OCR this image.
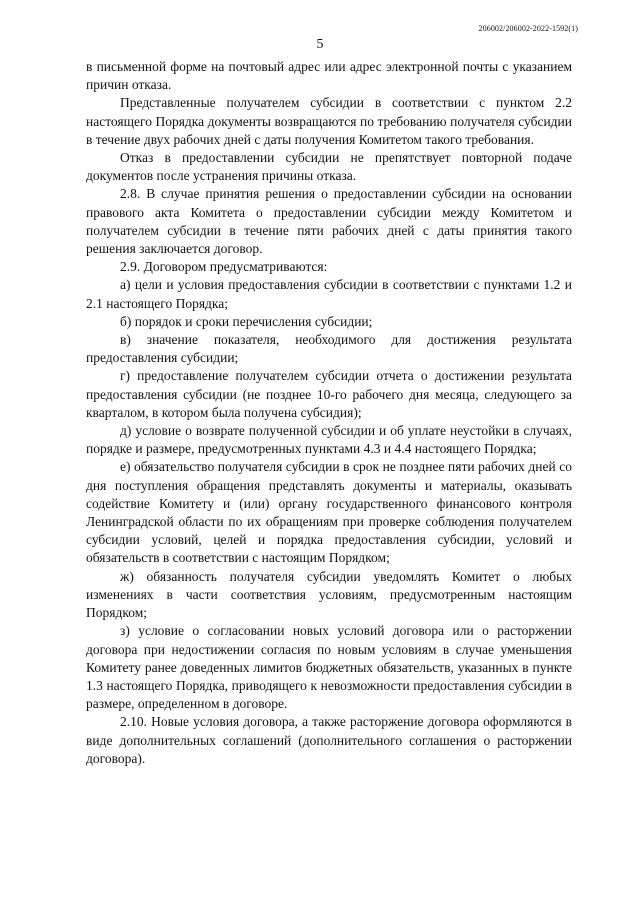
206002/206002-2022-1592(1)
5

в письменной форме на почтовый адрес или адрес электронной почты с указанием причин отказа.

Представленные получателем субсидии в соответствии с пунктом 2.2 настоящего Порядка документы возвращаются по требованию получателя субсидии в течение двух рабочих дней с даты получения Комитетом такого требования.

Отказ в предоставлении субсидии не препятствует повторной подаче документов после устранения причины отказа.

2.8. В случае принятия решения о предоставлении субсидии на основании правового акта Комитета о предоставлении субсидии между Комитетом и получателем субсидии в течение пяти рабочих дней с даты принятия такого решения заключается договор.

2.9. Договором предусматриваются:

а) цели и условия предоставления субсидии в соответствии с пунктами 1.2 и 2.1 настоящего Порядка;

б) порядок и сроки перечисления субсидии;

в) значение показателя, необходимого для достижения результата предоставления субсидии;

г) предоставление получателем субсидии отчета о достижении результата предоставления субсидии (не позднее 10-го рабочего дня месяца, следующего за кварталом, в котором была получена субсидия);

д) условие о возврате полученной субсидии и об уплате неустойки в случаях, порядке и размере, предусмотренных пунктами 4.3 и 4.4 настоящего Порядка;

е) обязательство получателя субсидии в срок не позднее пяти рабочих дней со дня поступления обращения представлять документы и материалы, оказывать содействие Комитету и (или) органу государственного финансового контроля Ленинградской области по их обращениям при проверке соблюдения получателем субсидии условий, целей и порядка предоставления субсидии, условий и обязательств в соответствии с настоящим Порядком;

ж) обязанность получателя субсидии уведомлять Комитет о любых изменениях в части соответствия условиям, предусмотренным настоящим Порядком;

з) условие о согласовании новых условий договора или о расторжении договора при недостижении согласия по новым условиям в случае уменьшения Комитету ранее доведенных лимитов бюджетных обязательств, указанных в пункте 1.3 настоящего Порядка, приводящего к невозможности предоставления субсидии в размере, определенном в договоре.

2.10. Новые условия договора, а также расторжение договора оформляются в виде дополнительных соглашений (дополнительного соглашения о расторжении договора).
